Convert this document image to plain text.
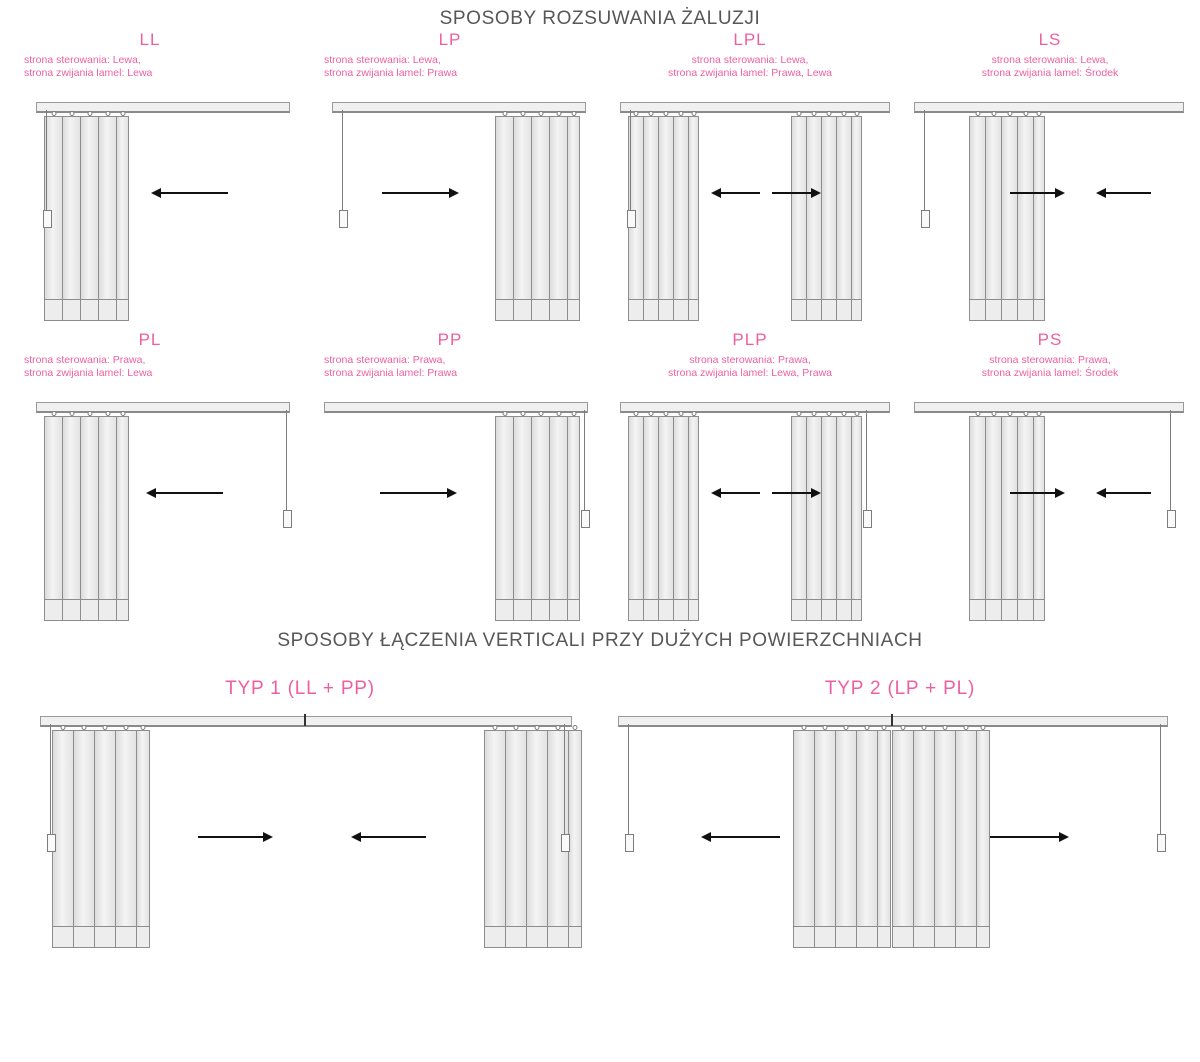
SPOSOBY ROZSUWANIA ŻALUZJI
LL
strona sterowania: Lewa,
strona zwijania lamel: Lewa
LP
strona sterowania: Lewa,
strona zwijania lamel: Prawa
LPL
strona sterowania: Lewa,
strona zwijania lamel: Prawa, Lewa
LS
strona sterowania: Lewa,
strona zwijania lamel: Środek
PL
strona sterowania: Prawa,
strona zwijania lamel: Lewa
PP
strona sterowania: Prawa,
strona zwijania lamel: Prawa
PLP
strona sterowania: Prawa,
strona zwijania lamel: Lewa, Prawa
PS
strona sterowania: Prawa,
strona zwijania lamel: Środek
SPOSOBY ŁĄCZENIA VERTICALI PRZY DUŻYCH POWIERZCHNIACH
TYP 1 (LL + PP)	TYP 2 (LP + PL)
